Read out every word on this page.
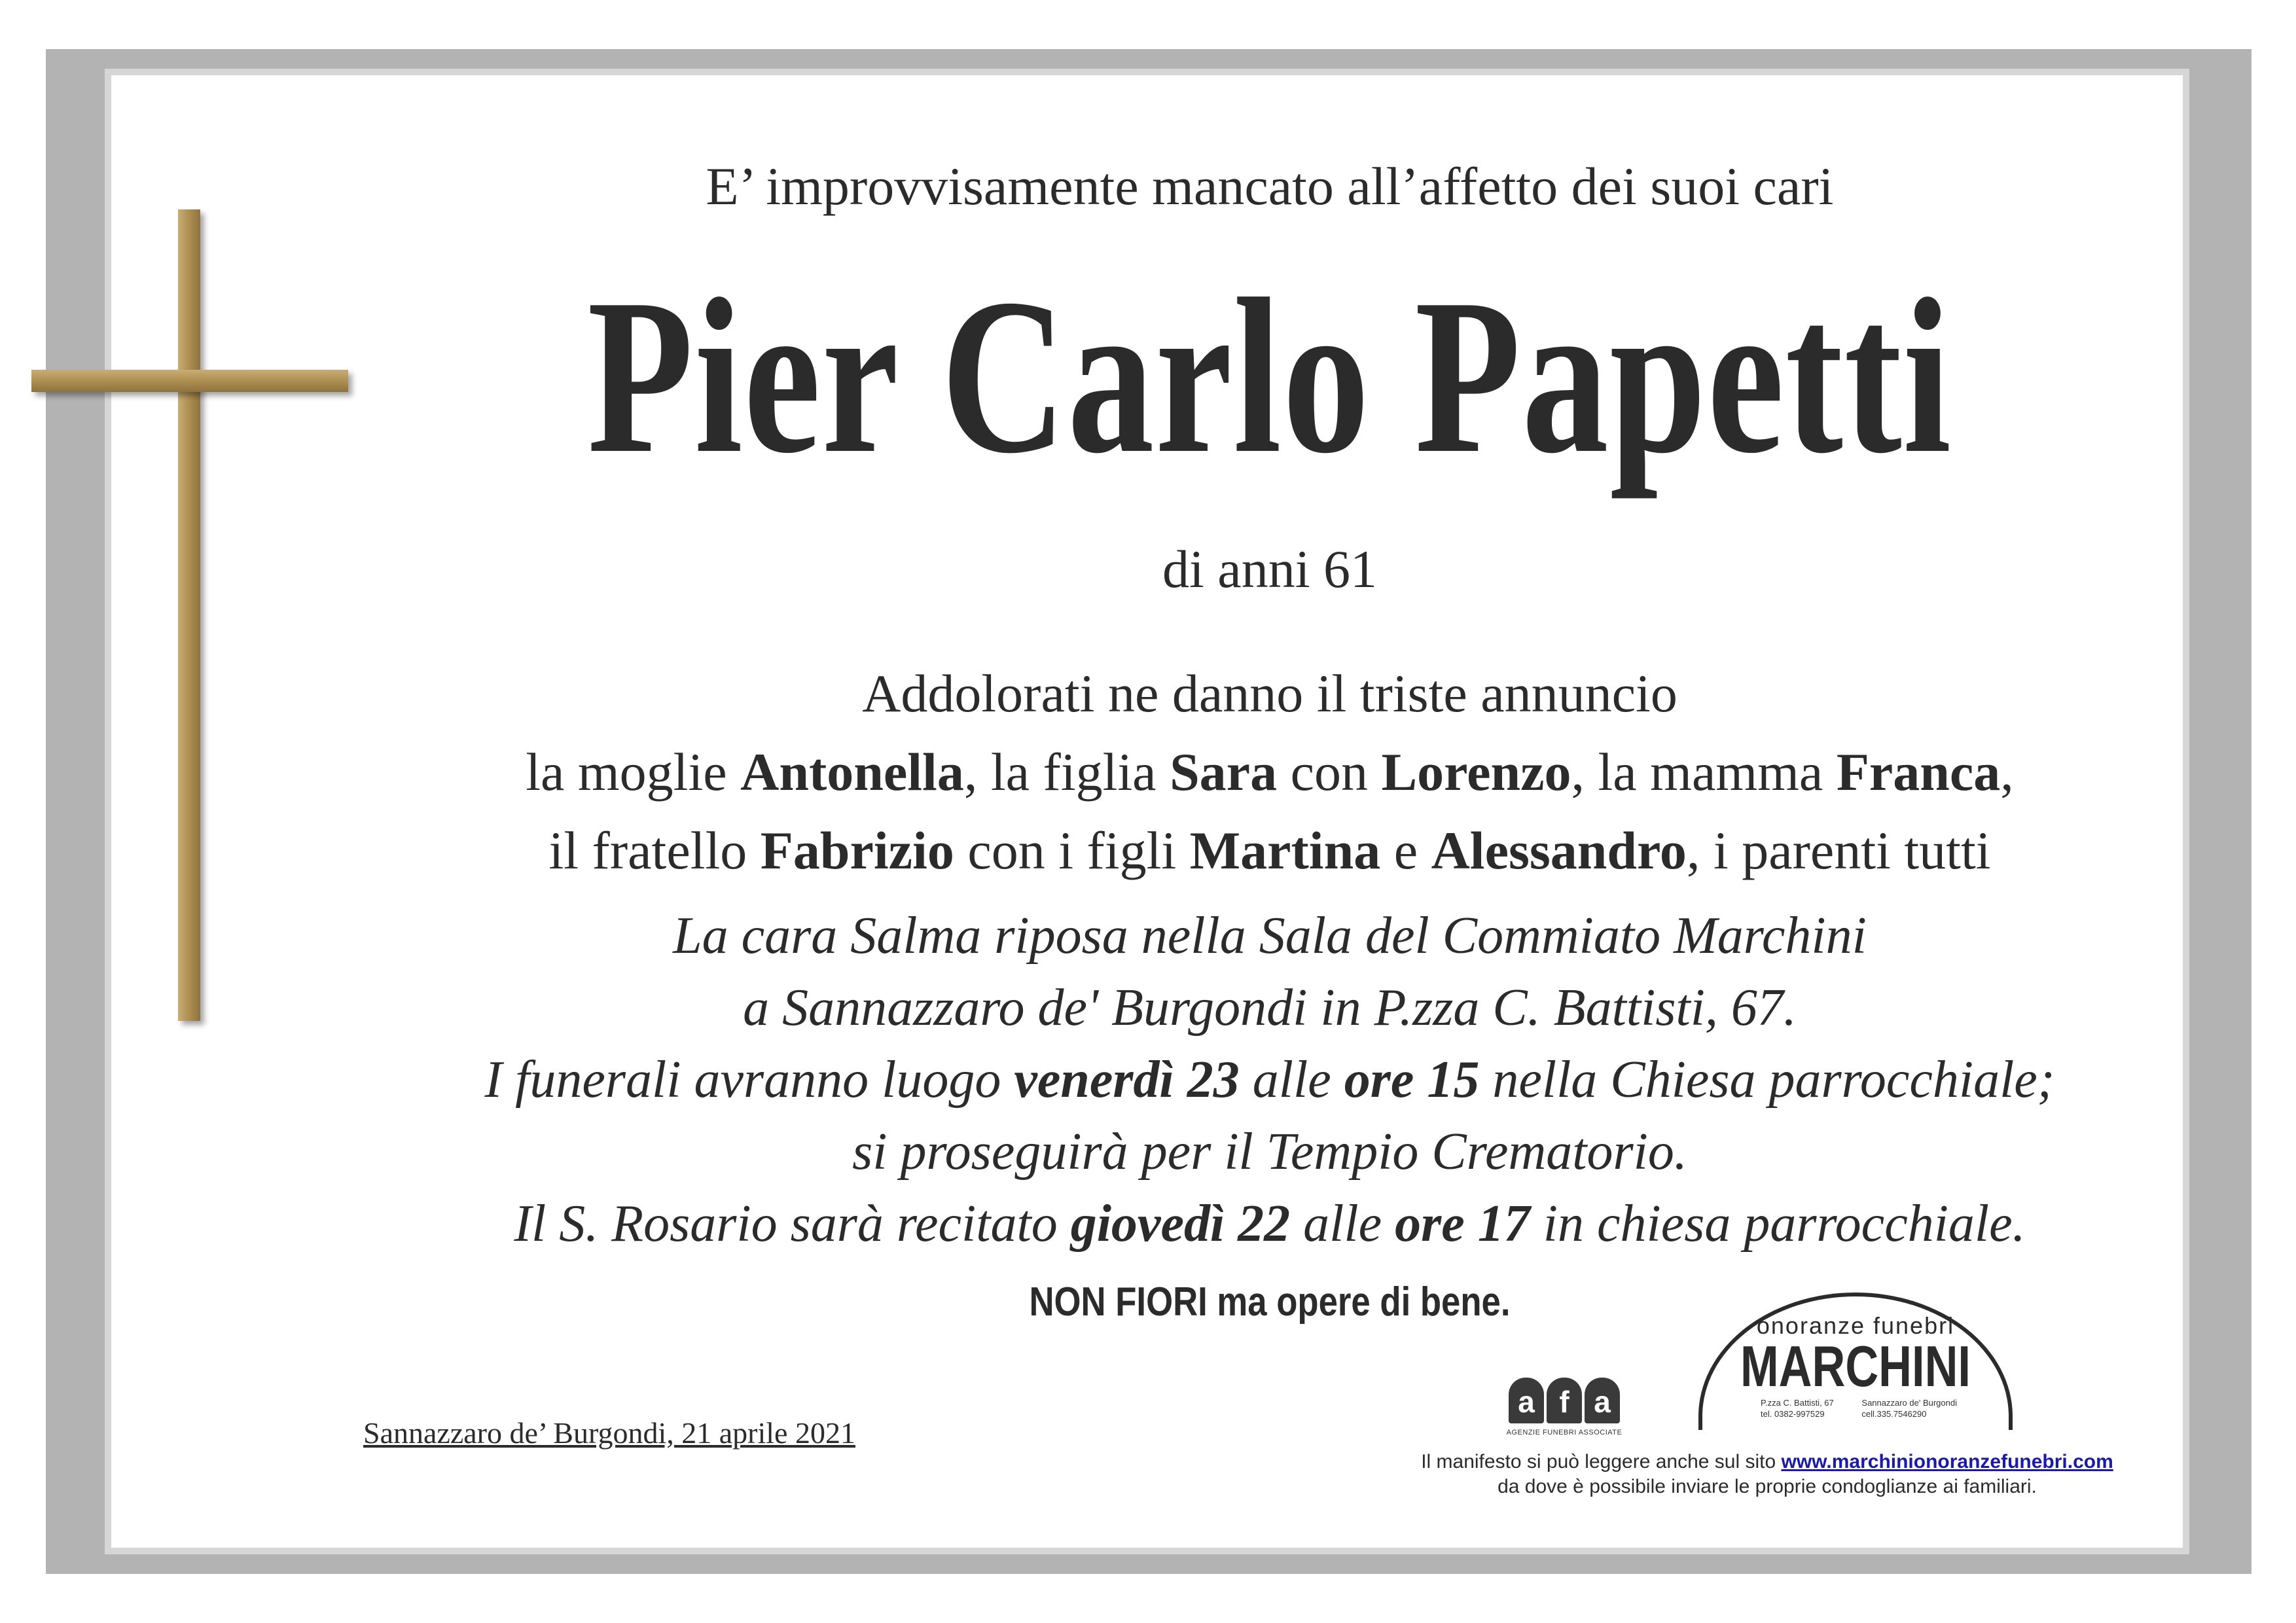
E’ improvvisamente mancato all’affetto dei suoi cari
Pier Carlo Papetti
di anni 61
Addolorati ne danno il triste annuncio
la moglie Antonella, la figlia Sara con Lorenzo, la mamma Franca,
il fratello Fabrizio con i figli Martina e Alessandro, i parenti tutti
La cara Salma riposa nella Sala del Commiato Marchini
a Sannazzaro de' Burgondi in P.zza C. Battisti, 67.
I funerali avranno luogo venerdì 23 alle ore 15 nella Chiesa parrocchiale;
si proseguirà per il Tempio Crematorio.
Il S. Rosario sarà recitato giovedì 22 alle ore 17 in chiesa parrocchiale.
NON FIORI ma opere di bene.
Sannazzaro de’ Burgondi, 21 aprile 2021
a f a
AGENZIE FUNEBRI ASSOCIATE
onoranze funebri
MARCHINI
P.zza C. Battisti, 67
tel. 0382-997529
Sannazzaro de' Burgondi
cell.335.7546290
Il manifesto si può leggere anche sul sito www.marchinionoranzefunebri.com
da dove è possibile inviare le proprie condoglianze ai familiari.
